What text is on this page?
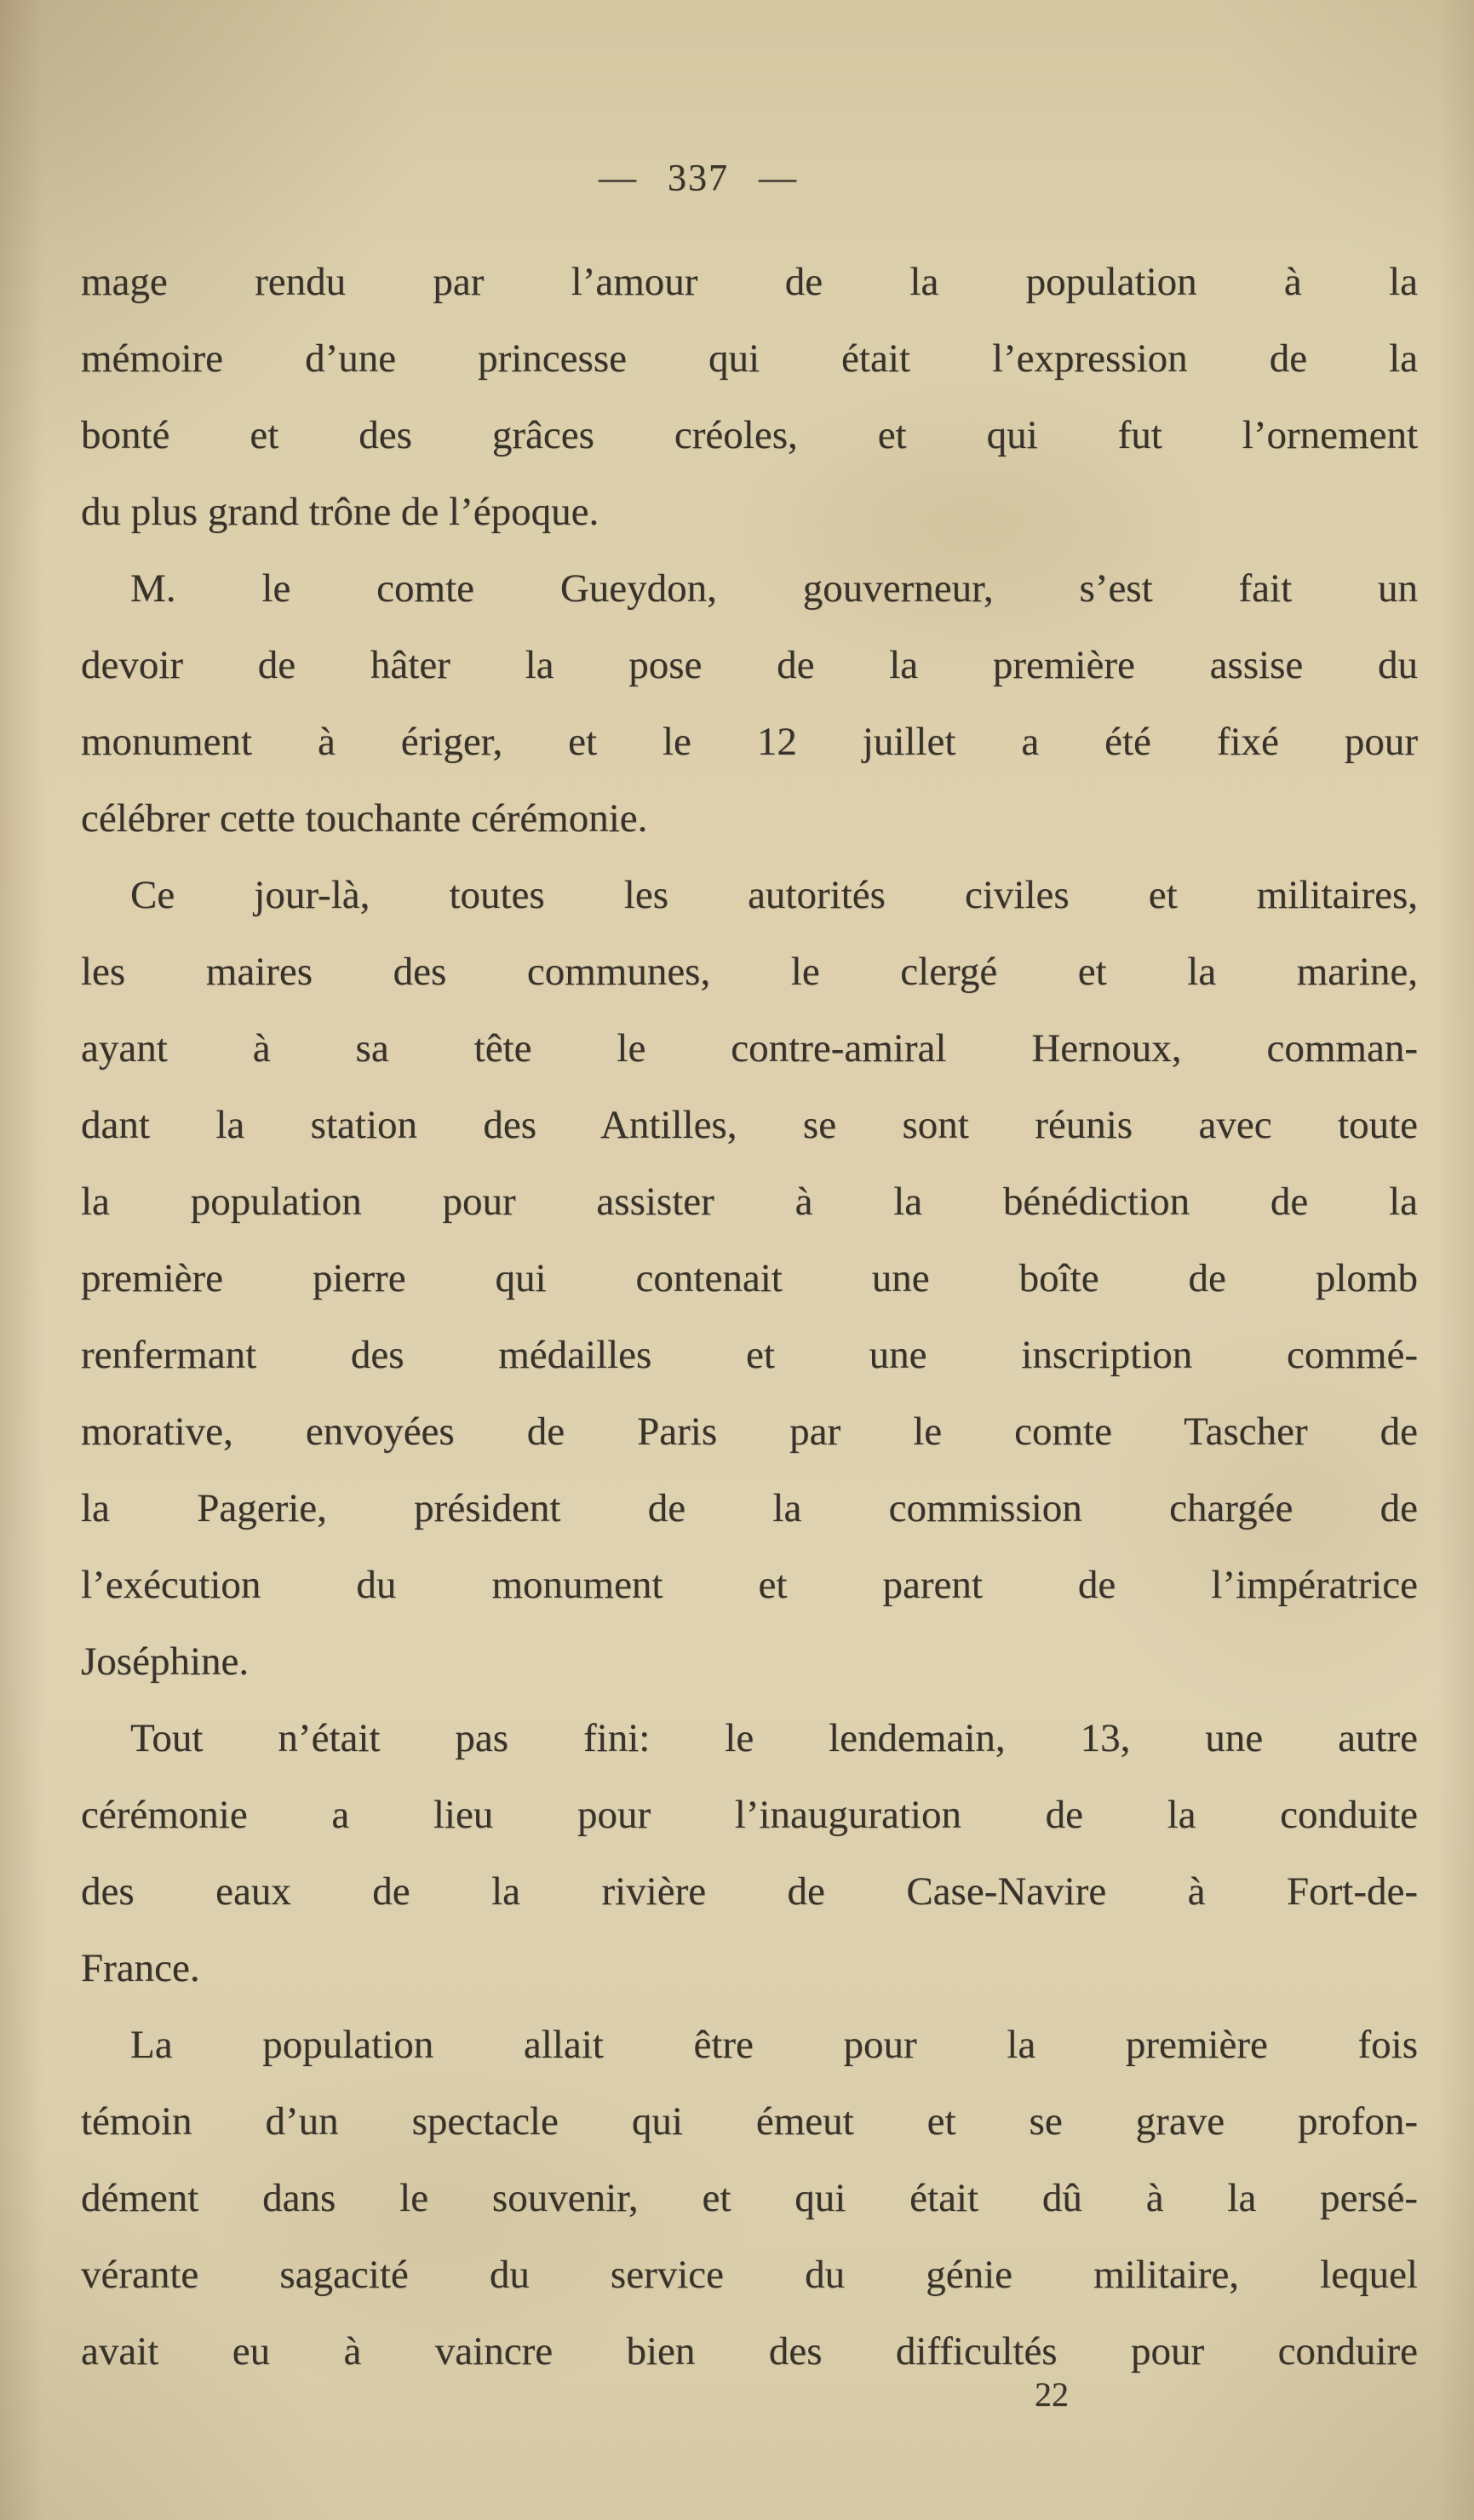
— 337 —
mage rendu par l’amour de la population à la
mémoire d’une princesse qui était l’expression de la
bonté et des grâces créoles, et qui fut l’ornement
du plus grand trône de l’époque.
M. le comte Gueydon, gouverneur, s’est fait un
devoir de hâter la pose de la première assise du
monument à ériger, et le 12 juillet a été fixé pour
célébrer cette touchante cérémonie.
Ce jour-là, toutes les autorités civiles et militaires,
les maires des communes, le clergé et la marine,
ayant à sa tête le contre-amiral Hernoux, comman-
dant la station des Antilles, se sont réunis avec toute
la population pour assister à la bénédiction de la
première pierre qui contenait une boîte de plomb
renfermant des médailles et une inscription commé-
morative, envoyées de Paris par le comte Tascher de
la Pagerie, président de la commission chargée de
l’exécution du monument et parent de l’impératrice
Joséphine.
Tout n’était pas fini: le lendemain, 13, une autre
cérémonie a lieu pour l’inauguration de la conduite
des eaux de la rivière de Case-Navire à Fort-de-
France.
La population allait être pour la première fois
témoin d’un spectacle qui émeut et se grave profon-
dément dans le souvenir, et qui était dû à la persé-
vérante sagacité du service du génie militaire, lequel
avait eu à vaincre bien des difficultés pour conduire
22
